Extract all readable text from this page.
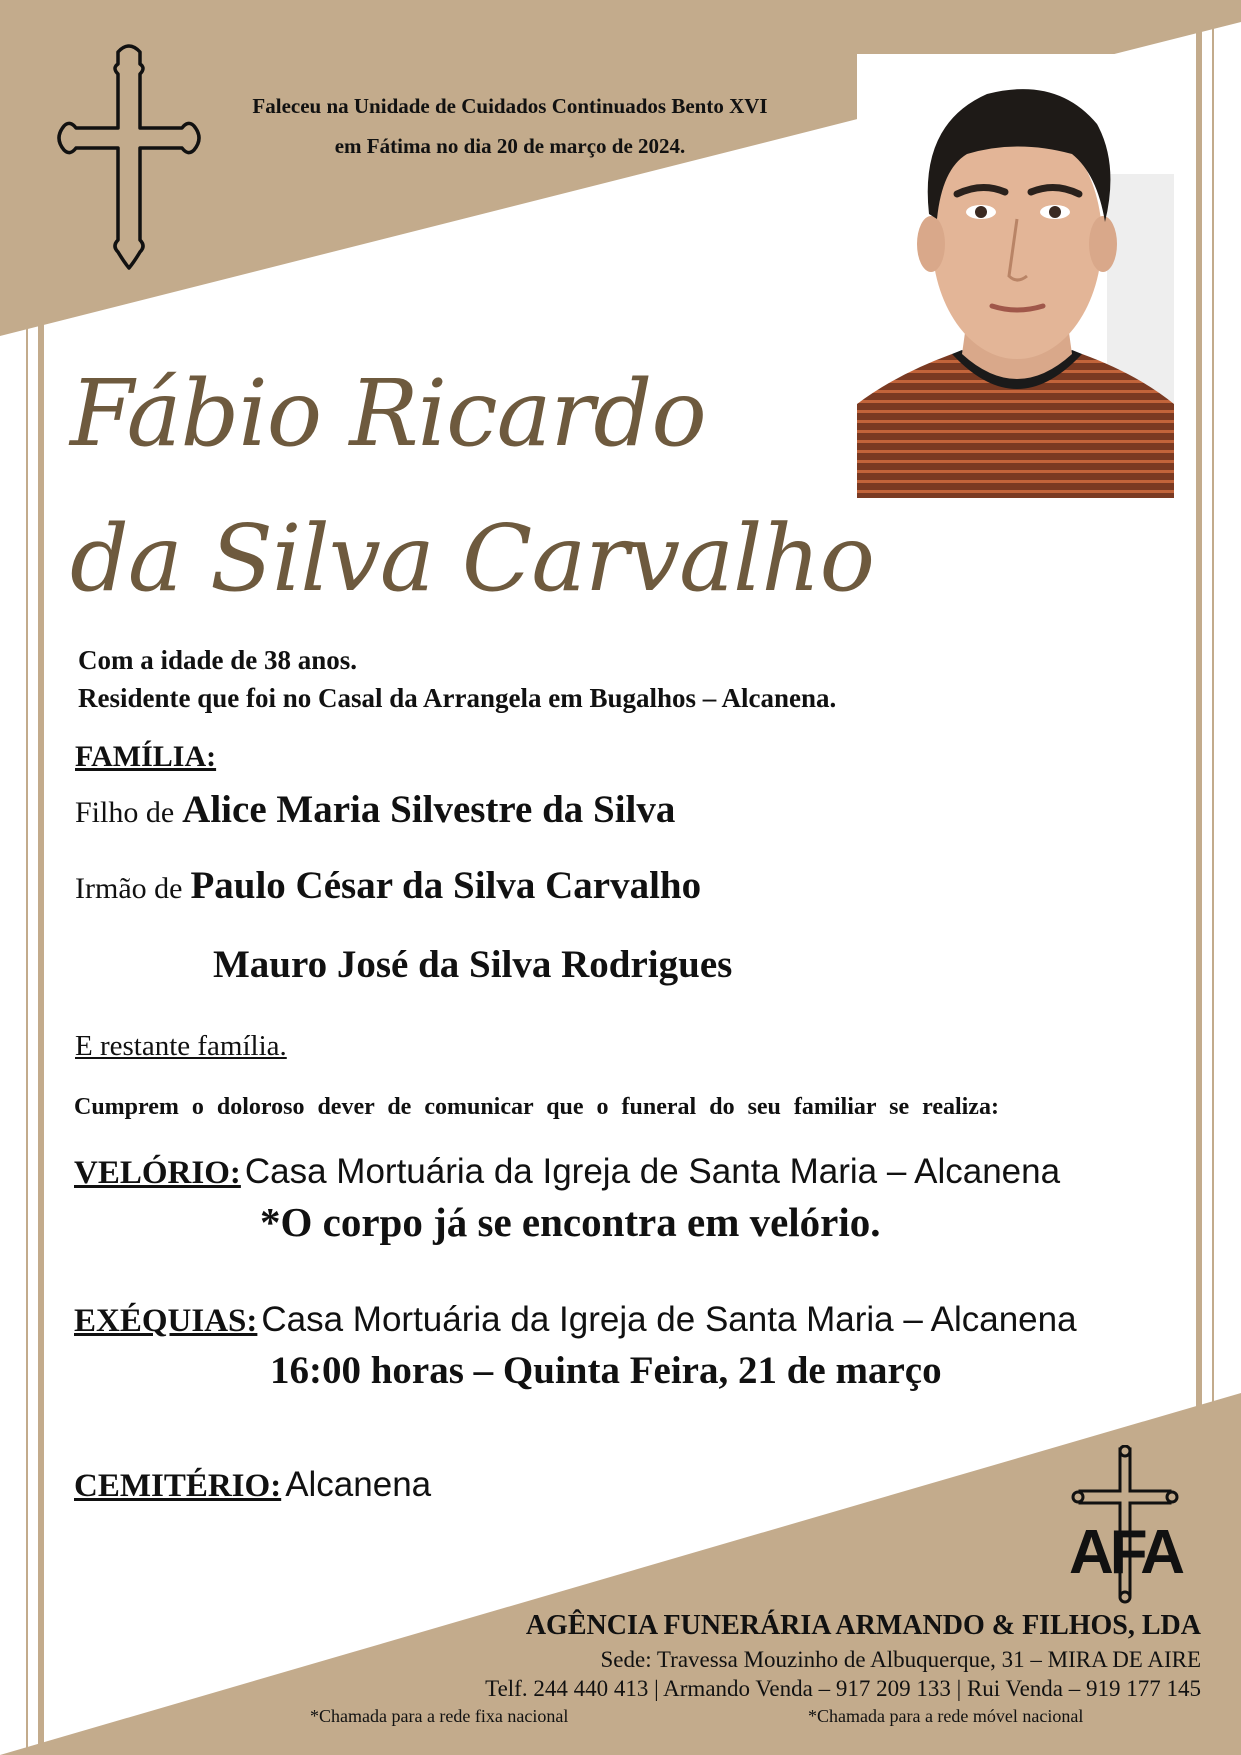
Faleceu na Unidade de Cuidados Continuados Bento XVI
em Fátima no dia 20 de março de 2024.
Fábio Ricardo
da Silva Carvalho
Com a idade de 38 anos.
Residente que foi no Casal da Arrangela em Bugalhos – Alcanena.
FAMÍLIA:
Filho de Alice Maria Silvestre da Silva
Irmão de Paulo César da Silva Carvalho
Mauro José da Silva Rodrigues
E restante família.
Cumprem o doloroso dever de comunicar que o funeral do seu familiar se realiza:
VELÓRIO: Casa Mortuária da Igreja de Santa Maria – Alcanena
*O corpo já se encontra em velório.
EXÉQUIAS: Casa Mortuária da Igreja de Santa Maria – Alcanena
16:00 horas – Quinta Feira, 21 de março
CEMITÉRIO: Alcanena
AFA
AGÊNCIA FUNERÁRIA ARMANDO & FILHOS, LDA
Sede: Travessa Mouzinho de Albuquerque, 31 – MIRA DE AIRE
Telf. 244 440 413 | Armando Venda – 917 209 133 | Rui Venda – 919 177 145
*Chamada para a rede fixa nacional	*Chamada para a rede móvel nacional
